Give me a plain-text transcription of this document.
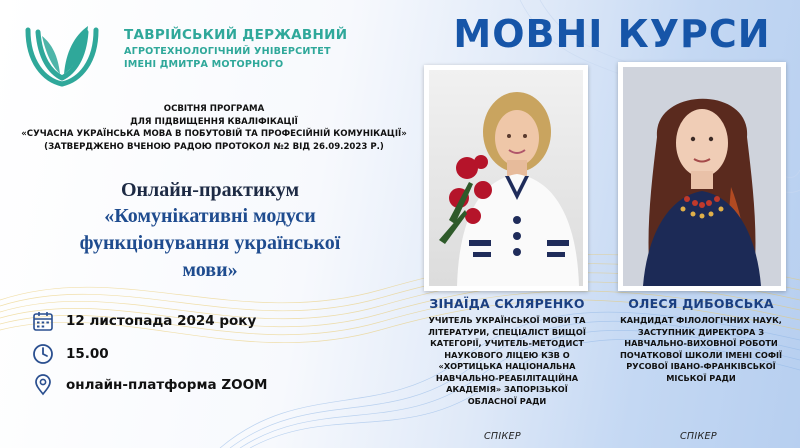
ТАВРІЙСЬКИЙ ДЕРЖАВНИЙ
АГРОТЕХНОЛОГІЧНИЙ УНІВЕРСИТЕТ
ІМЕНІ ДМИТРА МОТОРНОГО
ОСВІТНЯ ПРОГРАМА
ДЛЯ ПІДВИЩЕННЯ КВАЛІФІКАЦІЇ
«СУЧАСНА УКРАЇНСЬКА МОВА В ПОБУТОВІЙ ТА ПРОФЕСІЙНІЙ КОМУНІКАЦІЇ»
(ЗАТВЕРДЖЕНО ВЧЕНОЮ РАДОЮ ПРОТОКОЛ №2 ВІД 26.09.2023 Р.)
Онлайн-практикум
«Комунікативні модуси
функціонування української
мови»
12 листопада 2024 року
15.00
онлайн-платформа ZOOM
МОВНІ КУРСИ
ЗІНАЇДА СКЛЯРЕНКО
УЧИТЕЛЬ УКРАЇНСЬКОЇ МОВИ ТА
ЛІТЕРАТУРИ, СПЕЦІАЛІСТ ВИЩОЇ
КАТЕГОРІЇ, УЧИТЕЛЬ-МЕТОДИСТ
НАУКОВОГО ЛІЦЕЮ КЗВ О
«ХОРТИЦЬКА НАЦІОНАЛЬНА
НАВЧАЛЬНО-РЕАБІЛІТАЦІЙНА
АКАДЕМІЯ» ЗАПОРІЗЬКОЇ
ОБЛАСНОЇ РАДИ
СПІКЕР
ОЛЕСЯ ДИБОВСЬКА
КАНДИДАТ ФІЛОЛОГІЧНИХ НАУК,
ЗАСТУПНИК ДИРЕКТОРА З
НАВЧАЛЬНО-ВИХОВНОЇ РОБОТИ
ПОЧАТКОВОЇ ШКОЛИ ІМЕНІ СОФІЇ
РУСОВОЇ ІВАНО-ФРАНКІВСЬКОЇ
МІСЬКОЇ РАДИ
СПІКЕР
